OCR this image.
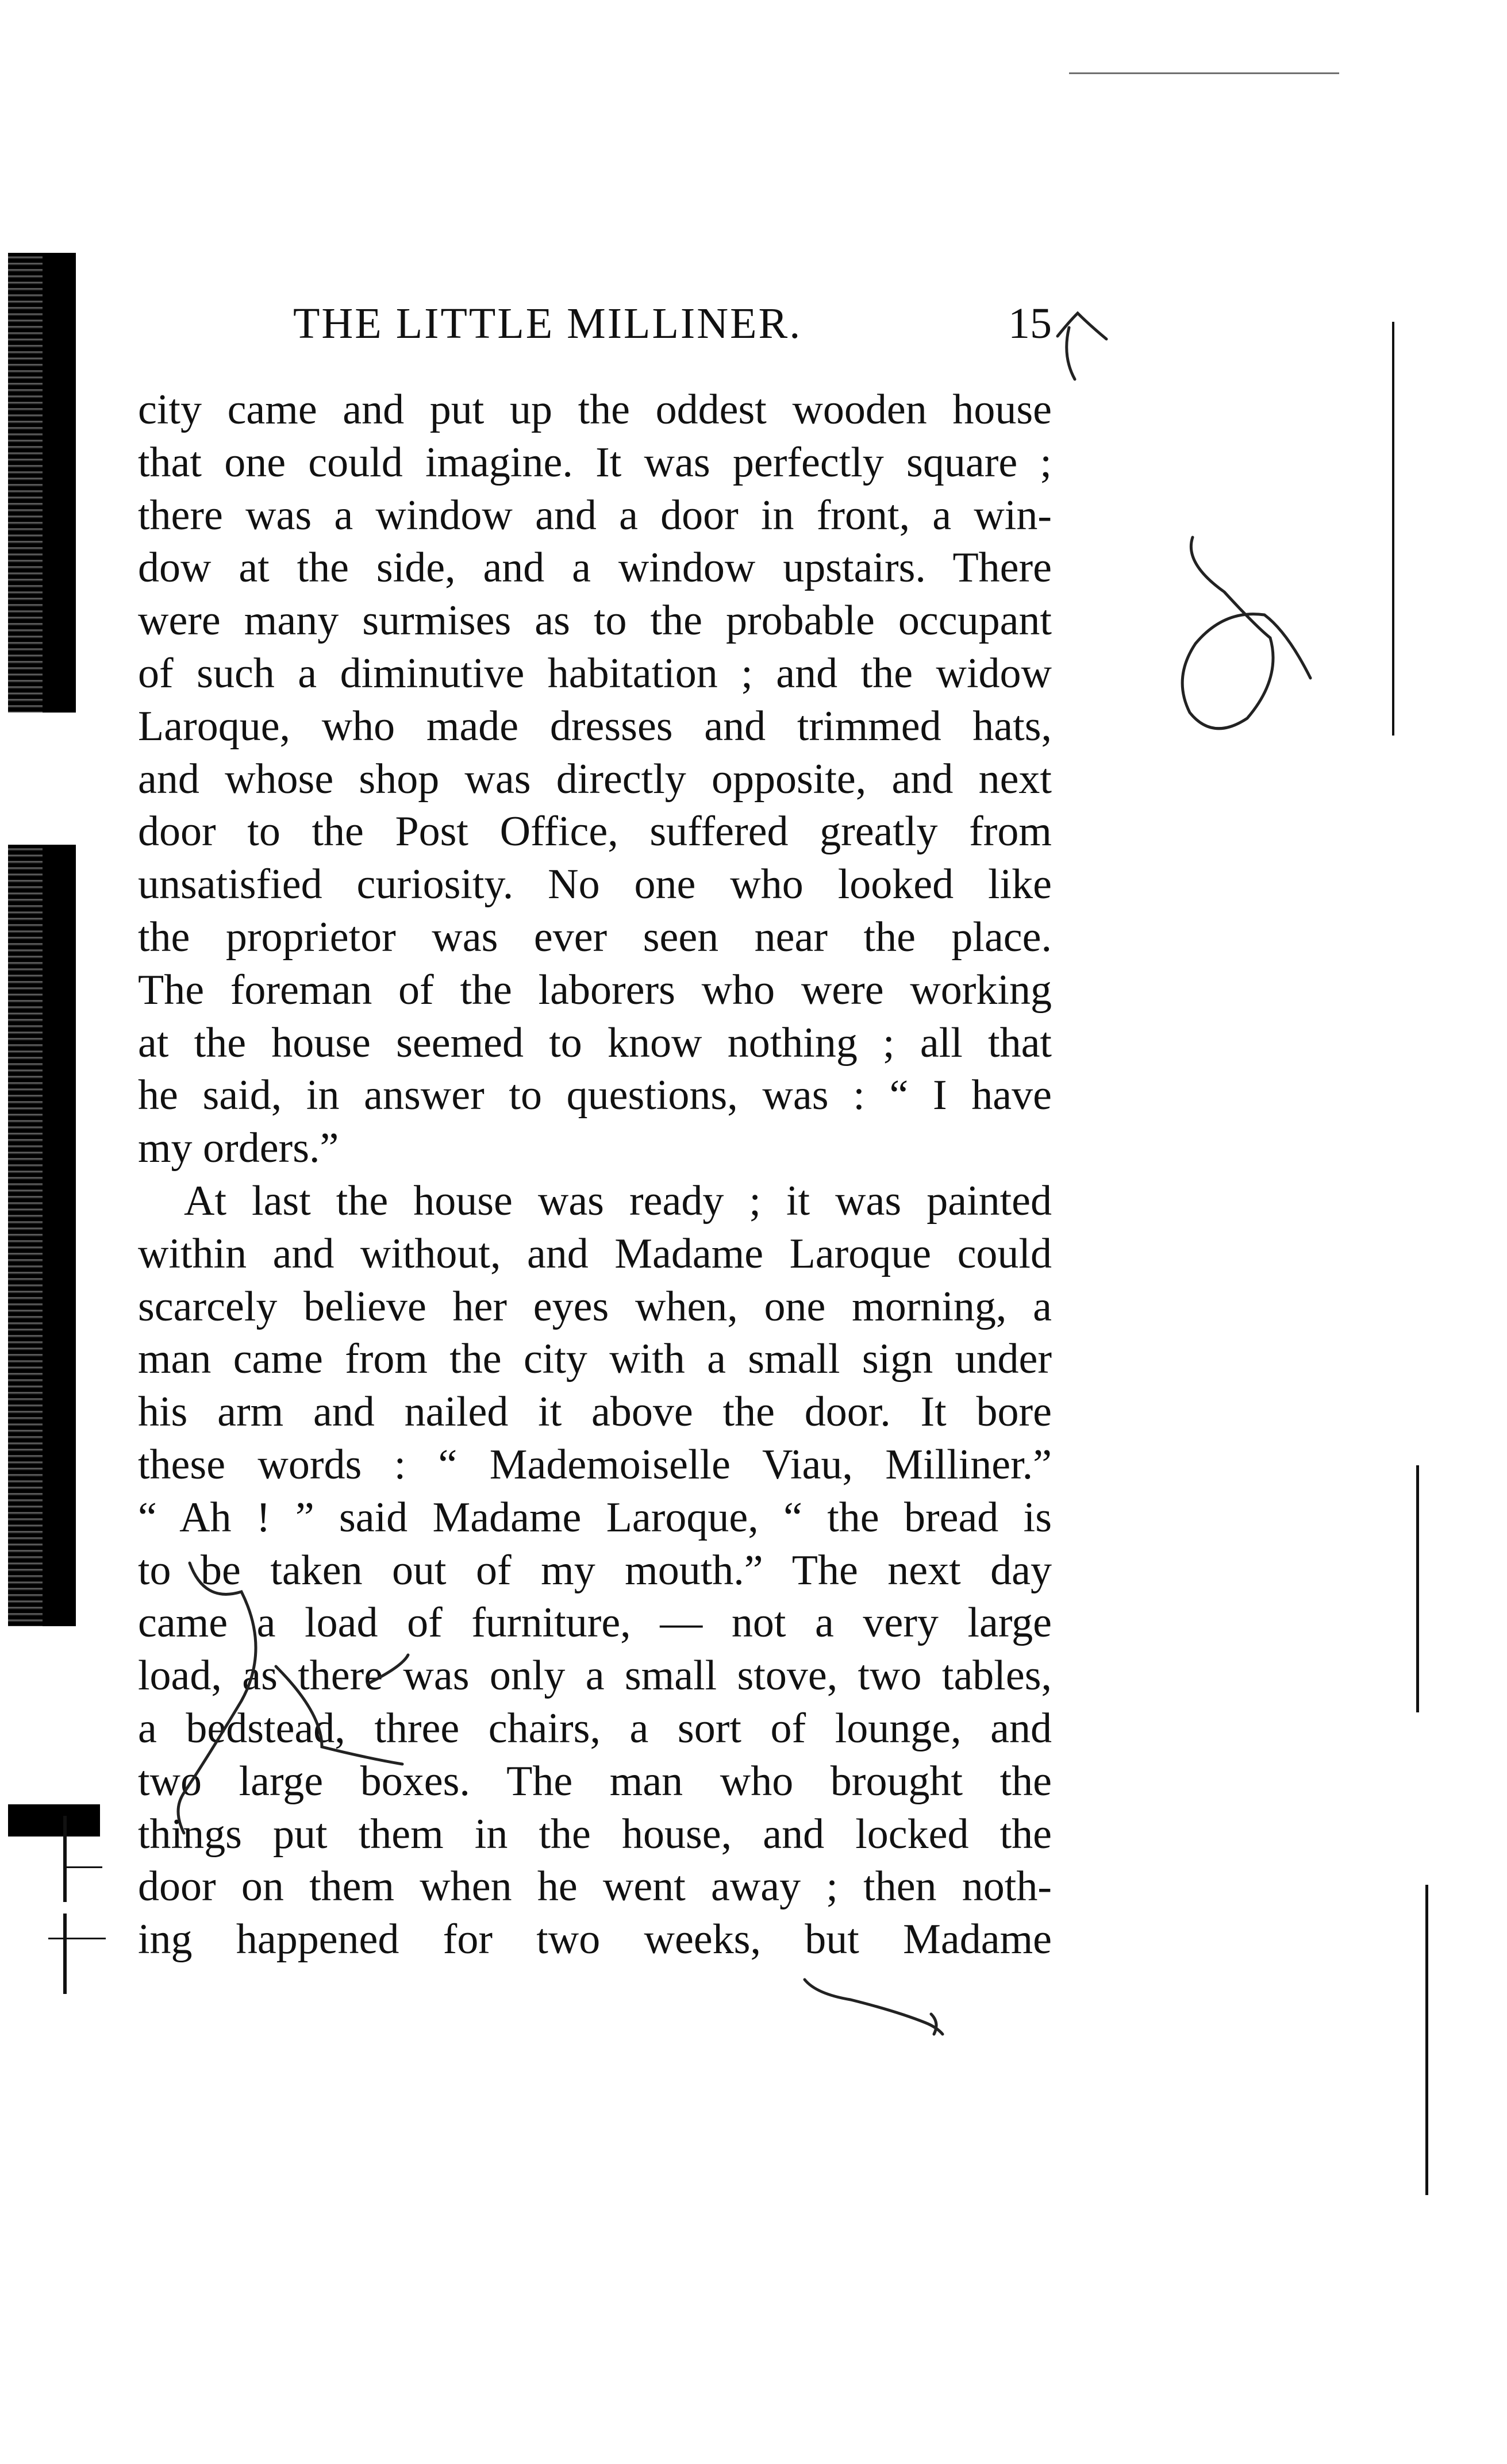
THE LITTLE MILLINER.	15
city came and put up the oddest wooden house
that one could imagine. It was perfectly square ;
there was a window and a door in front, a win-
dow at the side, and a window upstairs. There
were many surmises as to the probable occupant
of such a diminutive habitation ; and the widow
Laroque, who made dresses and trimmed hats,
and whose shop was directly opposite, and next
door to the Post Office, suffered greatly from
unsatisfied curiosity. No one who looked like
the proprietor was ever seen near the place.
The foreman of the laborers who were working
at the house seemed to know nothing ; all that
he said, in answer to questions, was : “ I have
my orders.”
At last the house was ready ; it was painted
within and without, and Madame Laroque could
scarcely believe her eyes when, one morning, a
man came from the city with a small sign under
his arm and nailed it above the door. It bore
these words : “ Mademoiselle Viau, Milliner.”
“ Ah ! ” said Madame Laroque, “ the bread is
to be taken out of my mouth.” The next day
came a load of furniture, — not a very large
load, as there was only a small stove, two tables,
a bedstead, three chairs, a sort of lounge, and
two large boxes. The man who brought the
things put them in the house, and locked the
door on them when he went away ; then noth-
ing happened for two weeks, but Madame
